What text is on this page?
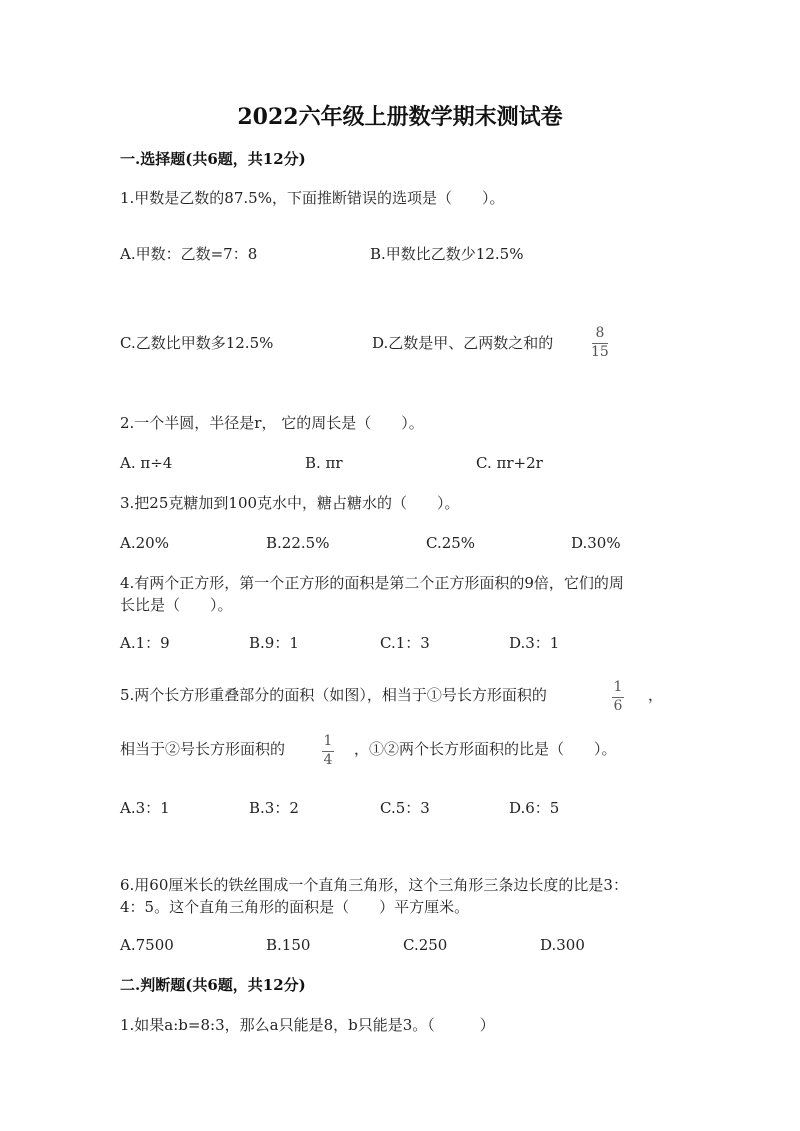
2022六年级上册数学期末测试卷
一.选择题(共6题，共12分)
1.甲数是乙数的87.5%，下面推断错误的选项是（　　）。
A.甲数：乙数=7：8	B.甲数比乙数少12.5%
C.乙数比甲数多12.5%	D.乙数是甲、乙两数之和的
8
15
2.一个半圆，半径是r， 它的周长是（　　）。
A. π÷4	B. πr	C. πr+2r
3.把25克糖加到100克水中，糖占糖水的（　　）。
A.20%	B.22.5%	C.25%	D.30%
4.有两个正方形，第一个正方形的面积是第二个正方形面积的9倍，它们的周
长比是（　　）。
A.1：9	B.9：1	C.1：3	D.3：1
5.两个长方形重叠部分的面积（如图），相当于①号长方形面积的	1
6
，
相当于②号长方形面积的	1
4
，①②两个长方形面积的比是（　　）。
A.3：1	B.3：2	C.5：3	D.6：5
6.用60厘米长的铁丝围成一个直角三角形，这个三角形三条边长度的比是3：
4：5。这个直角三角形的面积是（　　）平方厘米。
A.7500	B.150	C.250	D.300
二.判断题(共6题，共12分)
1.如果a:b=8:3，那么a只能是8，b只能是3。（　　　）
